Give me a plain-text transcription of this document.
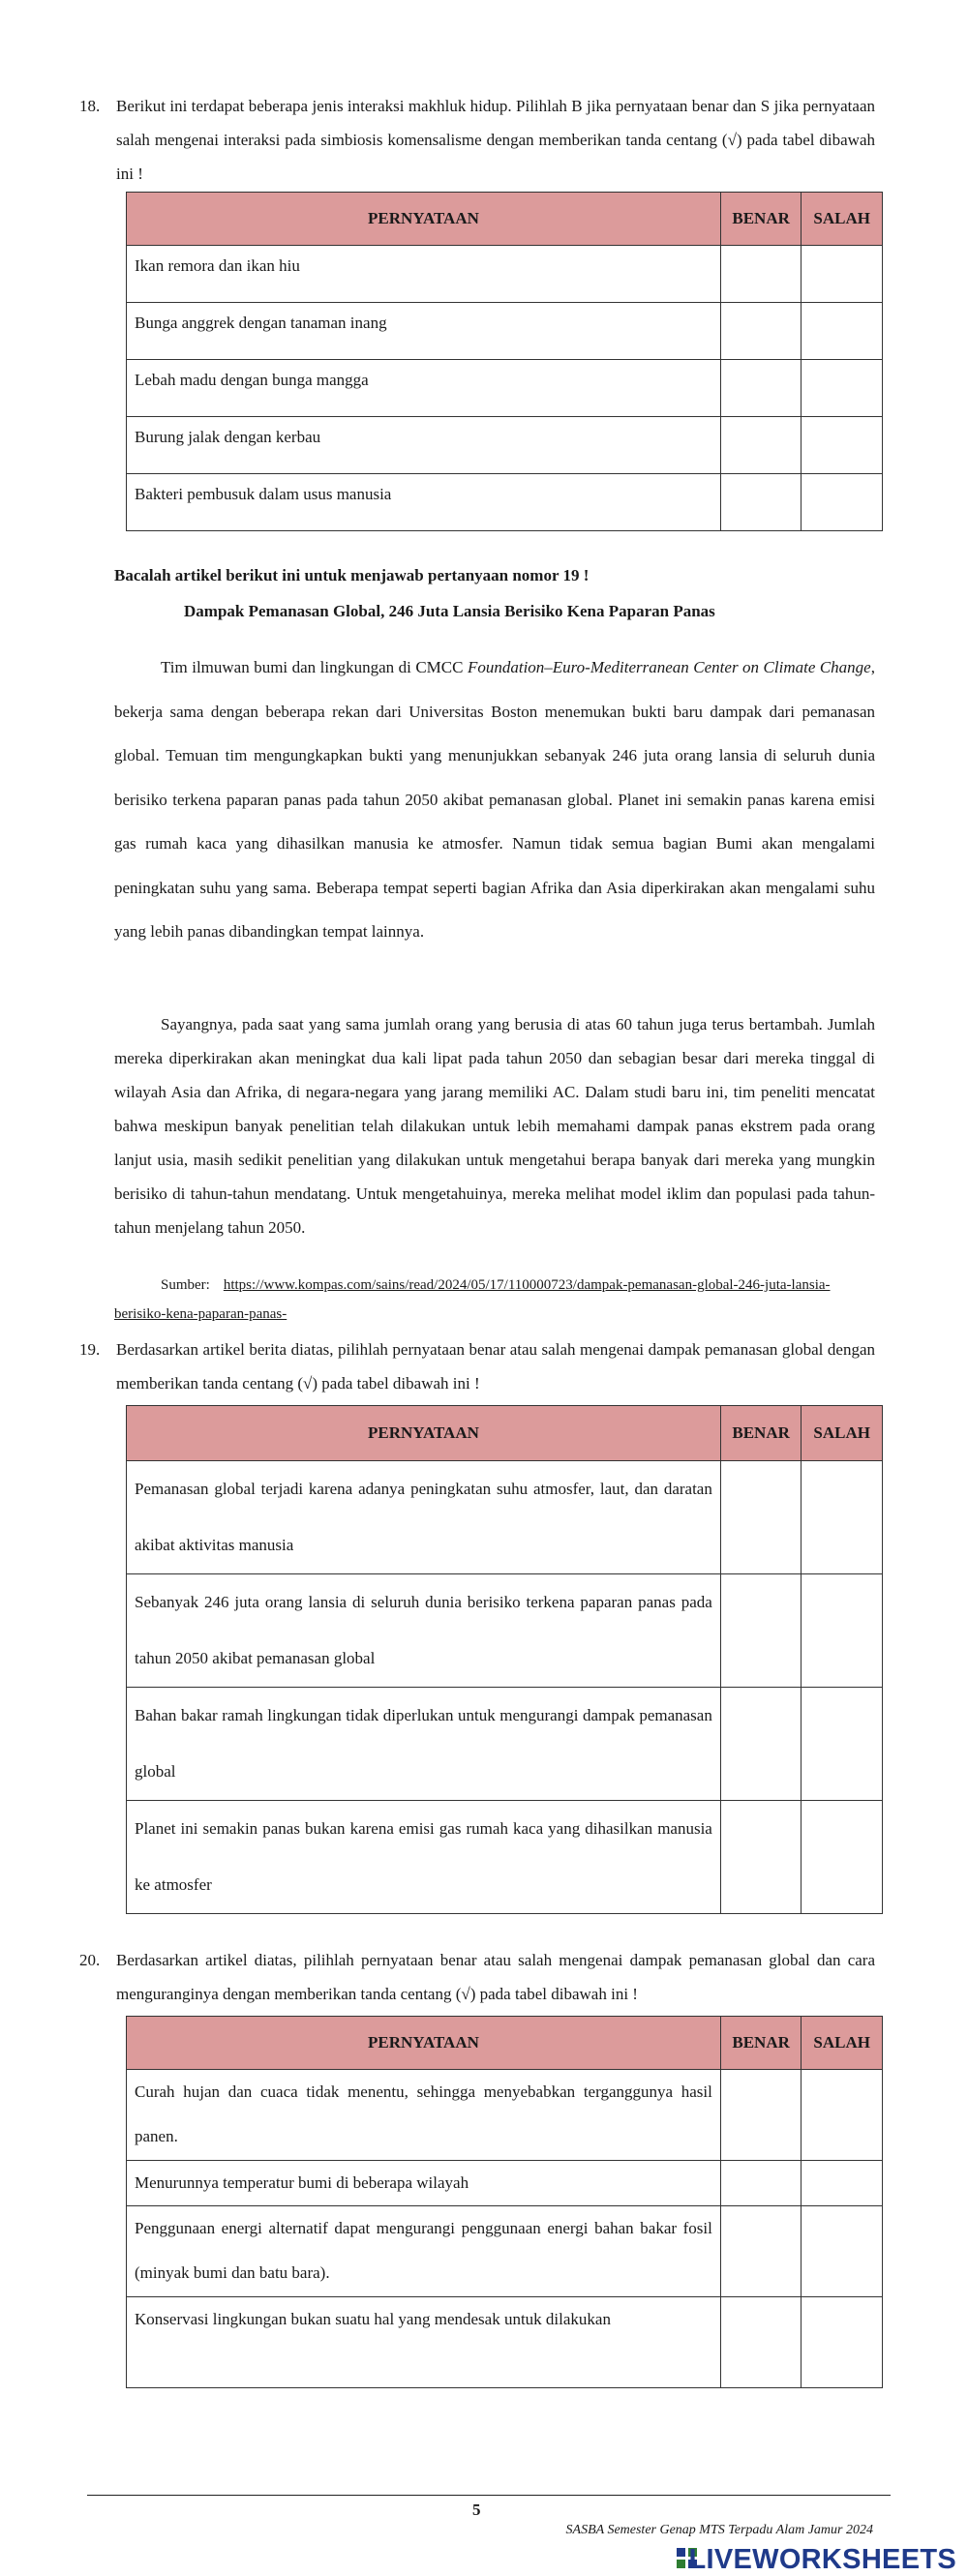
18. Berikut ini terdapat beberapa jenis interaksi makhluk hidup. Pilihlah B jika pernyataan benar dan S jika pernyataan salah mengenai interaksi pada simbiosis komensalisme dengan memberikan tanda centang (√) pada tabel dibawah ini !
PERNYATAAN	BENAR	SALAH
Ikan remora dan ikan hiu		
Bunga anggrek dengan tanaman inang		
Lebah madu dengan bunga mangga		
Burung jalak dengan kerbau		
Bakteri pembusuk dalam usus manusia		
Bacalah artikel berikut ini untuk menjawab pertanyaan nomor 19 !
Dampak Pemanasan Global, 246 Juta Lansia Berisiko Kena Paparan Panas
Tim ilmuwan bumi dan lingkungan di CMCC Foundation–Euro-Mediterranean Center on Climate Change, bekerja sama dengan beberapa rekan dari Universitas Boston menemukan bukti baru dampak dari pemanasan global. Temuan tim mengungkapkan bukti yang menunjukkan sebanyak 246 juta orang lansia di seluruh dunia berisiko terkena paparan panas pada tahun 2050 akibat pemanasan global. Planet ini semakin panas karena emisi gas rumah kaca yang dihasilkan manusia ke atmosfer. Namun tidak semua bagian Bumi akan mengalami peningkatan suhu yang sama. Beberapa tempat seperti bagian Afrika dan Asia diperkirakan akan mengalami suhu yang lebih panas dibandingkan tempat lainnya.
Sayangnya, pada saat yang sama jumlah orang yang berusia di atas 60 tahun juga terus bertambah. Jumlah mereka diperkirakan akan meningkat dua kali lipat pada tahun 2050 dan sebagian besar dari mereka tinggal di wilayah Asia dan Afrika, di negara-negara yang jarang memiliki AC. Dalam studi baru ini, tim peneliti mencatat bahwa meskipun banyak penelitian telah dilakukan untuk lebih memahami dampak panas ekstrem pada orang lanjut usia, masih sedikit penelitian yang dilakukan untuk mengetahui berapa banyak dari mereka yang mungkin berisiko di tahun-tahun mendatang. Untuk mengetahuinya, mereka melihat model iklim dan populasi pada tahun-tahun menjelang tahun 2050.
Sumber: https://www.kompas.com/sains/read/2024/05/17/110000723/dampak-pemanasan-global-246-juta-lansia-berisiko-kena-paparan-panas-
19. Berdasarkan artikel berita diatas, pilihlah pernyataan benar atau salah mengenai dampak pemanasan global dengan memberikan tanda centang (√) pada tabel dibawah ini !
PERNYATAAN	BENAR	SALAH
Pemanasan global terjadi karena adanya peningkatan suhu atmosfer, laut, dan daratan akibat aktivitas manusia		
Sebanyak 246 juta orang lansia di seluruh dunia berisiko terkena paparan panas pada tahun 2050 akibat pemanasan global		
Bahan bakar ramah lingkungan tidak diperlukan untuk mengurangi dampak pemanasan global		
Planet ini semakin panas bukan karena emisi gas rumah kaca yang dihasilkan manusia ke atmosfer		
20. Berdasarkan artikel diatas, pilihlah pernyataan benar atau salah mengenai dampak pemanasan global dan cara menguranginya dengan memberikan tanda centang (√) pada tabel dibawah ini !
PERNYATAAN	BENAR	SALAH
Curah hujan dan cuaca tidak menentu, sehingga menyebabkan terganggunya hasil panen.		
Menurunnya temperatur bumi di beberapa wilayah		
Penggunaan energi alternatif dapat mengurangi penggunaan energi bahan bakar fosil (minyak bumi dan batu bara).		
Konservasi lingkungan bukan suatu hal yang mendesak untuk dilakukan		
5
SASBA Semester Genap MTS Terpadu Alam Jamur 2024
LIVEWORKSHEETS
